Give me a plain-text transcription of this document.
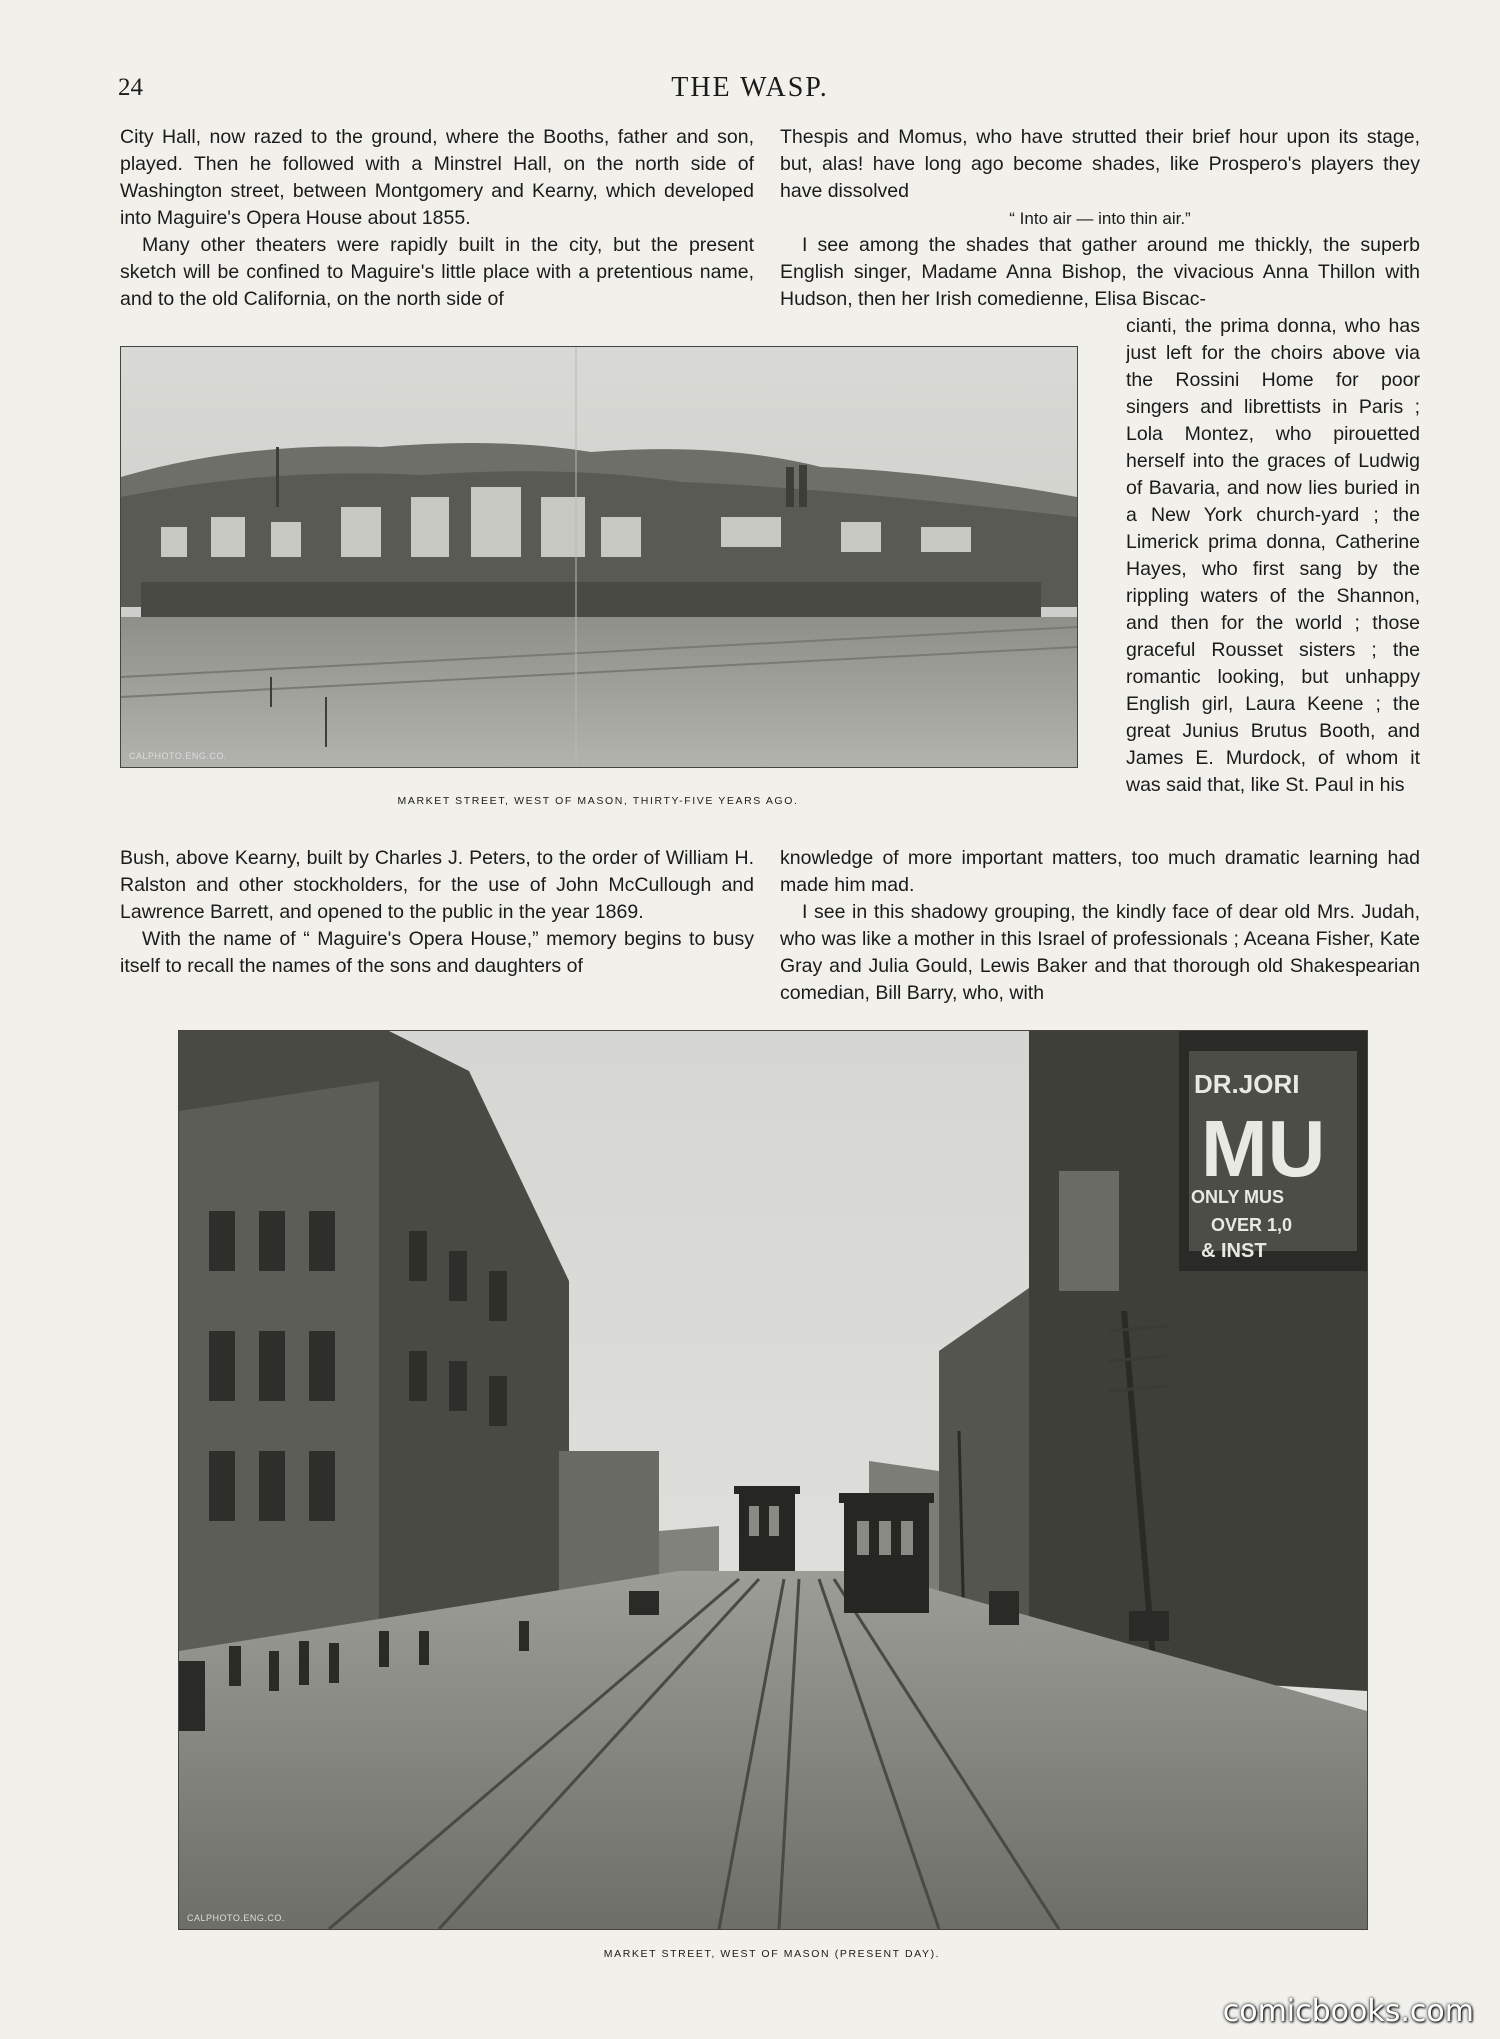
24	THE WASP.

City Hall, now razed to the ground, where the Booths, father and son, played. Then he followed with a Minstrel Hall, on the north side of Washington street, between Montgomery and Kearny, which developed into Maguire's Opera House about 1855.

Many other theaters were rapidly built in the city, but the present sketch will be confined to Maguire's little place with a pretentious name, and to the old California, on the north side of

Thespis and Momus, who have strutted their brief hour upon its stage, but, alas! have long ago become shades, like Prospero's players they have dissolved

“ Into air — into thin air.”

I see among the shades that gather around me thickly, the superb English singer, Madame Anna Bishop, the vivacious Anna Thillon with Hudson, then her Irish comedienne, Elisa Biscac-

cianti, the prima donna, who has just left for the choirs above via the Rossini Home for poor singers and librettists in Paris ; Lola Montez, who pirouetted herself into the graces of Ludwig of Bavaria, and now lies buried in a New York church-yard ; the Limerick prima donna, Catherine Hayes, who first sang by the rippling waters of the Shannon, and then for the world ; those graceful Rousset sisters ; the romantic looking, but unhappy English girl, Laura Keene ; the great Junius Brutus Booth, and James E. Murdock, of whom it was said that, like St. Paul in his

CALPHOTO.ENG.CO.
MARKET STREET, WEST OF MASON, THIRTY-FIVE YEARS AGO.

Bush, above Kearny, built by Charles J. Peters, to the order of William H. Ralston and other stockholders, for the use of John McCullough and Lawrence Barrett, and opened to the public in the year 1869.

With the name of “ Maguire's Opera House,” memory begins to busy itself to recall the names of the sons and daughters of

knowledge of more important matters, too much dramatic learning had made him mad.

I see in this shadowy grouping, the kindly face of dear old Mrs. Judah, who was like a mother in this Israel of professionals ; Aceana Fisher, Kate Gray and Julia Gould, Lewis Baker and that thorough old Shakespearian comedian, Bill Barry, who, with

DR.JORI
MU
ONLY MUS
OVER 1,0
& INST
CALPHOTO.ENG.CO.
MARKET STREET, WEST OF MASON (PRESENT DAY).
comicbooks.com
